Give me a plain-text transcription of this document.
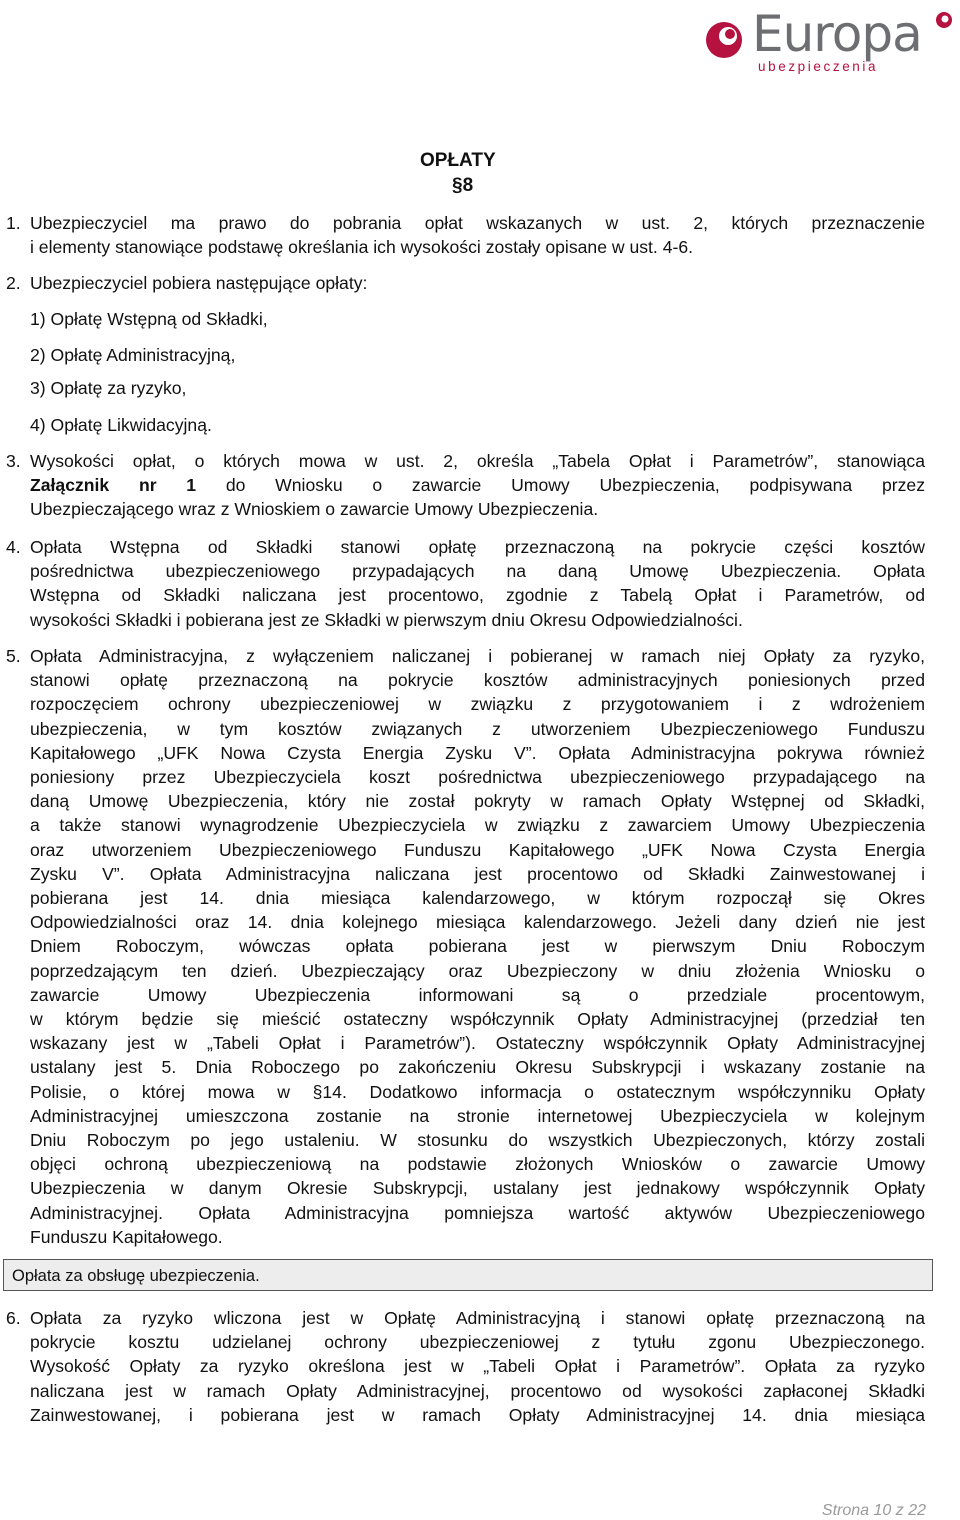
Europa
ubezpieczenia
OPŁATY
§8
1. Ubezpieczyciel ma prawo do pobrania opłat wskazanych w ust. 2, których przeznaczenie
i elementy stanowiące podstawę określania ich wysokości zostały opisane w ust. 4-6.
2. Ubezpieczyciel pobiera następujące opłaty:
1) Opłatę Wstępną od Składki,
2) Opłatę Administracyjną,
3) Opłatę za ryzyko,
4) Opłatę Likwidacyjną.
3. Wysokości opłat, o których mowa w ust. 2, określa „Tabela Opłat i Parametrów”, stanowiąca
Załącznik nr 1 do Wniosku o zawarcie Umowy Ubezpieczenia, podpisywana przez
Ubezpieczającego wraz z Wnioskiem o zawarcie Umowy Ubezpieczenia.
4. Opłata Wstępna od Składki stanowi opłatę przeznaczoną na pokrycie części kosztów
pośrednictwa ubezpieczeniowego przypadających na daną Umowę Ubezpieczenia. Opłata
Wstępna od Składki naliczana jest procentowo, zgodnie z Tabelą Opłat i Parametrów, od
wysokości Składki i pobierana jest ze Składki w pierwszym dniu Okresu Odpowiedzialności.
5. Opłata Administracyjna, z wyłączeniem naliczanej i pobieranej w ramach niej Opłaty za ryzyko,
stanowi opłatę przeznaczoną na pokrycie kosztów administracyjnych poniesionych przed
rozpoczęciem ochrony ubezpieczeniowej w związku z przygotowaniem i z wdrożeniem
ubezpieczenia, w tym kosztów związanych z utworzeniem Ubezpieczeniowego Funduszu
Kapitałowego „UFK Nowa Czysta Energia Zysku V”. Opłata Administracyjna pokrywa również
poniesiony przez Ubezpieczyciela koszt pośrednictwa ubezpieczeniowego przypadającego na
daną Umowę Ubezpieczenia, który nie został pokryty w ramach Opłaty Wstępnej od Składki,
a także stanowi wynagrodzenie Ubezpieczyciela w związku z zawarciem Umowy Ubezpieczenia
oraz utworzeniem Ubezpieczeniowego Funduszu Kapitałowego „UFK Nowa Czysta Energia
Zysku V”. Opłata Administracyjna naliczana jest procentowo od Składki Zainwestowanej i
pobierana jest 14. dnia miesiąca kalendarzowego, w którym rozpoczął się Okres
Odpowiedzialności oraz 14. dnia kolejnego miesiąca kalendarzowego. Jeżeli dany dzień nie jest
Dniem Roboczym, wówczas opłata pobierana jest w pierwszym Dniu Roboczym
poprzedzającym ten dzień. Ubezpieczający oraz Ubezpieczony w dniu złożenia Wniosku o
zawarcie Umowy Ubezpieczenia informowani są o przedziale procentowym,
w którym będzie się mieścić ostateczny współczynnik Opłaty Administracyjnej (przedział ten
wskazany jest w „Tabeli Opłat i Parametrów”). Ostateczny współczynnik Opłaty Administracyjnej
ustalany jest 5. Dnia Roboczego po zakończeniu Okresu Subskrypcji i wskazany zostanie na
Polisie, o której mowa w §14. Dodatkowo informacja o ostatecznym współczynniku Opłaty
Administracyjnej umieszczona zostanie na stronie internetowej Ubezpieczyciela w kolejnym
Dniu Roboczym po jego ustaleniu. W stosunku do wszystkich Ubezpieczonych, którzy zostali
objęci ochroną ubezpieczeniową na podstawie złożonych Wniosków o zawarcie Umowy
Ubezpieczenia w danym Okresie Subskrypcji, ustalany jest jednakowy współczynnik Opłaty
Administracyjnej. Opłata Administracyjna pomniejsza wartość aktywów Ubezpieczeniowego
Funduszu Kapitałowego.
Opłata za obsługę ubezpieczenia.
6. Opłata za ryzyko wliczona jest w Opłatę Administracyjną i stanowi opłatę przeznaczoną na
pokrycie kosztu udzielanej ochrony ubezpieczeniowej z tytułu zgonu Ubezpieczonego.
Wysokość Opłaty za ryzyko określona jest w „Tabeli Opłat i Parametrów”. Opłata za ryzyko
naliczana jest w ramach Opłaty Administracyjnej, procentowo od wysokości zapłaconej Składki
Zainwestowanej, i pobierana jest w ramach Opłaty Administracyjnej 14. dnia miesiąca
Strona 10 z 22
